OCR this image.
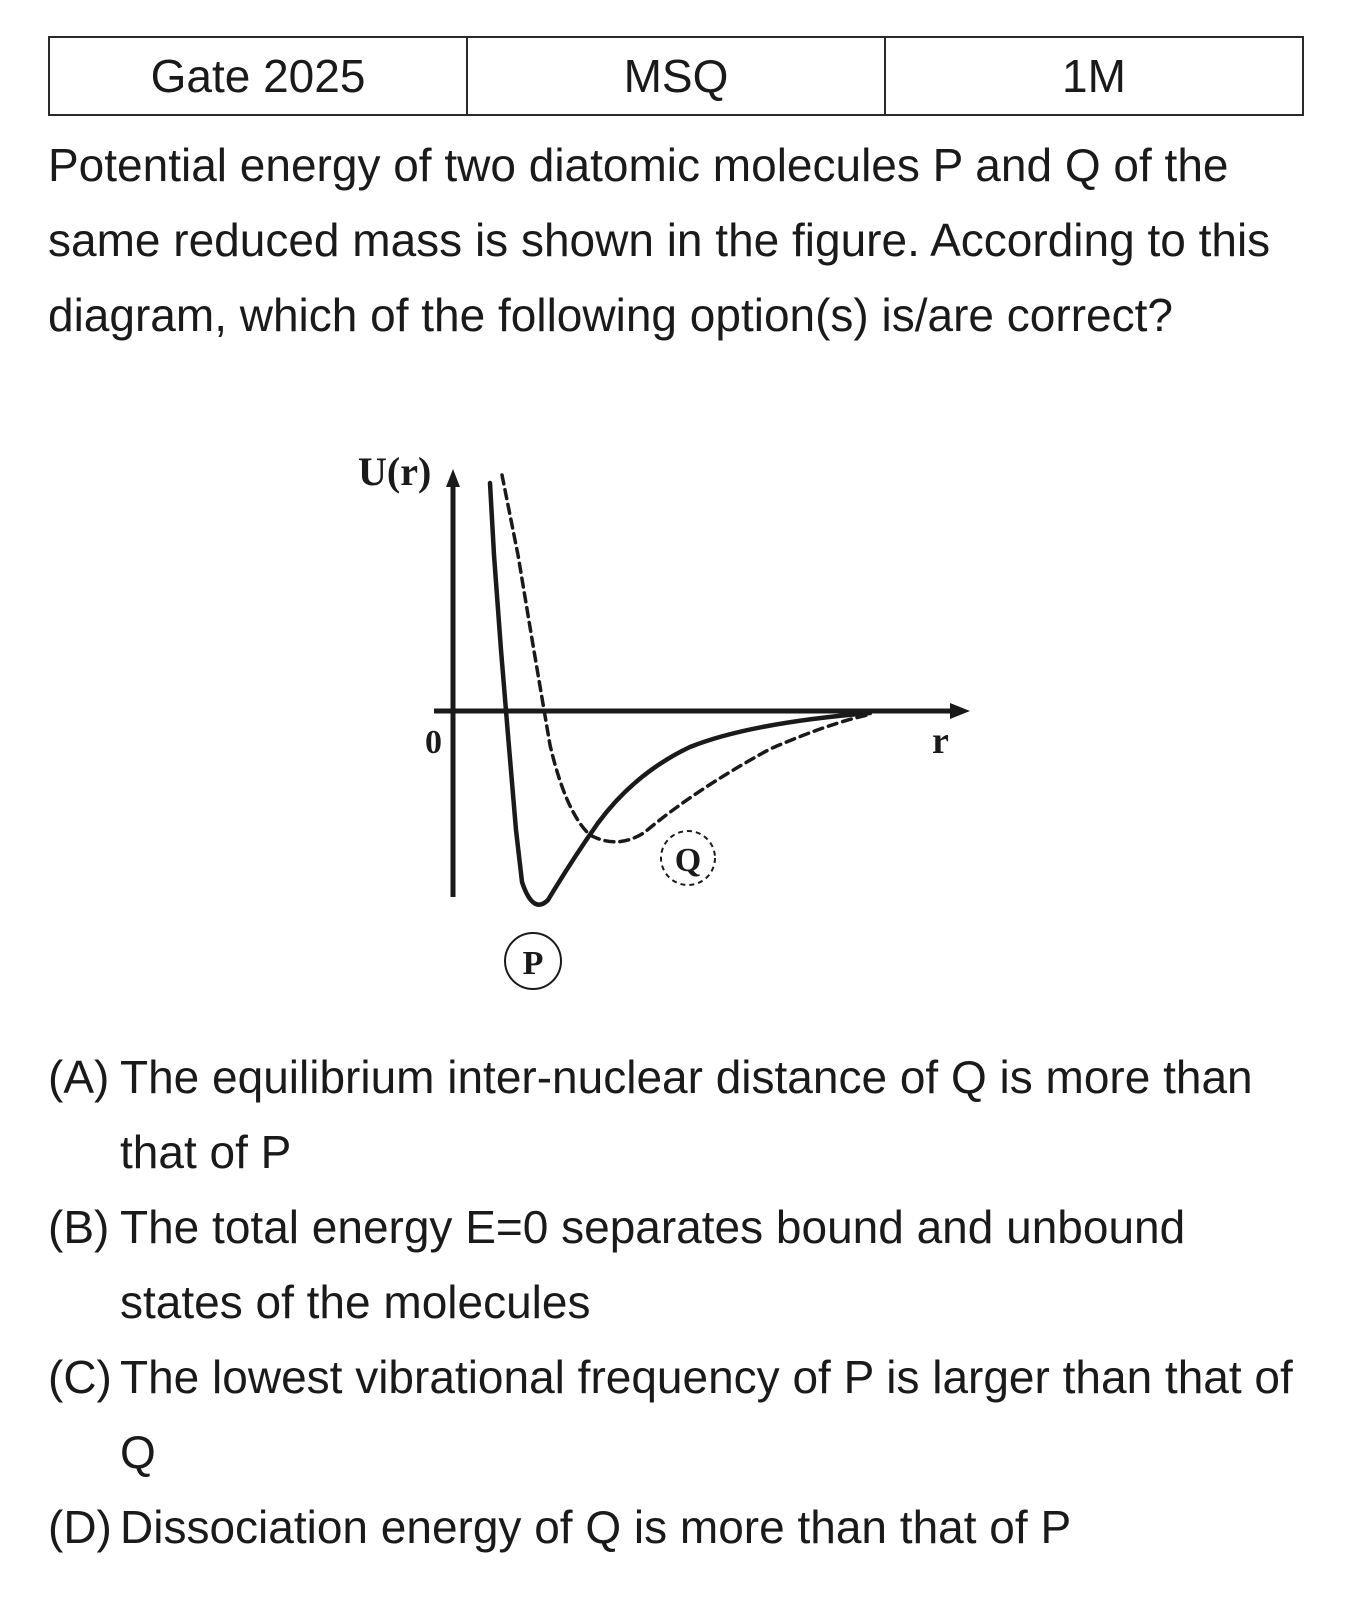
Gate 2025	MSQ	1M

Potential energy of two diatomic molecules P and Q of the same reduced mass is shown in the figure. According to this diagram, which of the following option(s) is/are correct?

U(r)
0	r
Q
P
(A) The equilibrium inter-nuclear distance of Q is more than that of P
(B) The total energy E=0 separates bound and unbound states of the molecules
(C) The lowest vibrational frequency of P is larger than that of Q
(D) Dissociation energy of Q is more than that of P
